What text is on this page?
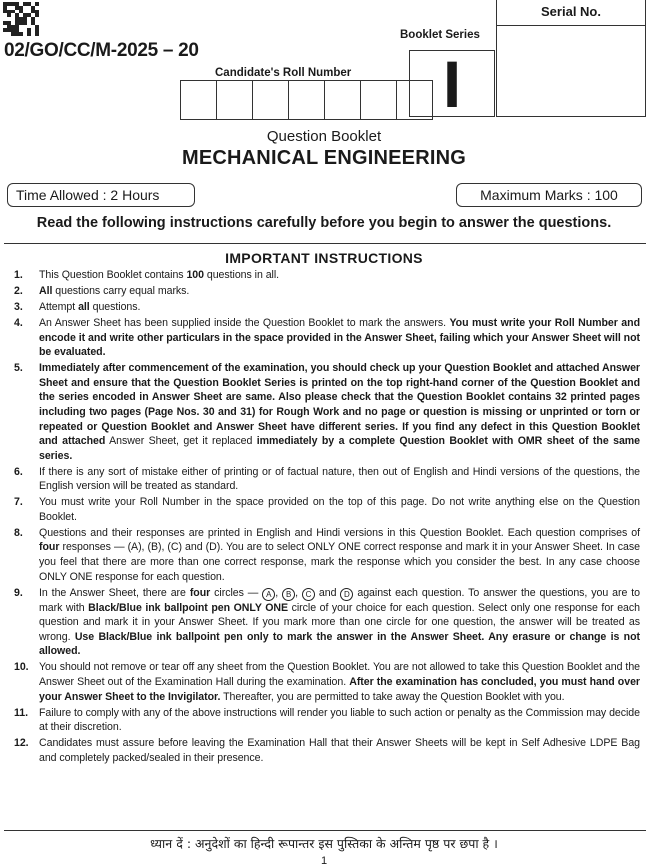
02/GO/CC/M-2025 – 20
Serial No.
Booklet Series
I
Candidate's Roll Number
Question Booklet
MECHANICAL ENGINEERING
Time Allowed : 2 Hours	Maximum Marks : 100
Read the following instructions carefully before you begin to answer the questions.
IMPORTANT INSTRUCTIONS
1.	This Question Booklet contains 100 questions in all.
2.	All questions carry equal marks.
3.	Attempt all questions.
4.	An Answer Sheet has been supplied inside the Question Booklet to mark the answers. You must write your Roll Number and encode it and write other particulars in the space provided in the Answer Sheet, failing which your Answer Sheet will not be evaluated.
5.	Immediately after commencement of the examination, you should check up your Question Booklet and attached Answer Sheet and ensure that the Question Booklet Series is printed on the top right-hand corner of the Question Booklet and the series encoded in Answer Sheet are same. Also please check that the Question Booklet contains 32 printed pages including two pages (Page Nos. 30 and 31) for Rough Work and no page or question is missing or unprinted or torn or repeated or Question Booklet and Answer Sheet have different series. If you find any defect in this Question Booklet and attached Answer Sheet, get it replaced immediately by a complete Question Booklet with OMR sheet of the same series.
6.	If there is any sort of mistake either of printing or of factual nature, then out of English and Hindi versions of the questions, the English version will be treated as standard.
7.	You must write your Roll Number in the space provided on the top of this page. Do not write anything else on the Question Booklet.
8.	Questions and their responses are printed in English and Hindi versions in this Question Booklet. Each question comprises of four responses — (A), (B), (C) and (D). You are to select ONLY ONE correct response and mark it in your Answer Sheet. In case you feel that there are more than one correct response, mark the response which you consider the best. In any case choose ONLY ONE response for each question.
9.	In the Answer Sheet, there are four circles — A , B , C and D against each question. To answer the questions, you are to mark with Black/Blue ink ballpoint pen ONLY ONE circle of your choice for each question. Select only one response for each question and mark it in your Answer Sheet. If you mark more than one circle for one question, the answer will be treated as wrong. Use Black/Blue ink ballpoint pen only to mark the answer in the Answer Sheet. Any erasure or change is not allowed.
10. You should not remove or tear off any sheet from the Question Booklet. You are not allowed to take this Question Booklet and the Answer Sheet out of the Examination Hall during the examination. After the examination has concluded, you must hand over your Answer Sheet to the Invigilator. Thereafter, you are permitted to take away the Question Booklet with you.
11.	Failure to comply with any of the above instructions will render you liable to such action or penalty as the Commission may decide at their discretion.
12. Candidates must assure before leaving the Examination Hall that their Answer Sheets will be kept in Self Adhesive LDPE Bag and completely packed/sealed in their presence.
ध्यान दें : अनुदेशों का हिन्दी रूपान्तर इस पुस्तिका के अन्तिम पृष्ठ पर छपा है ।
1
